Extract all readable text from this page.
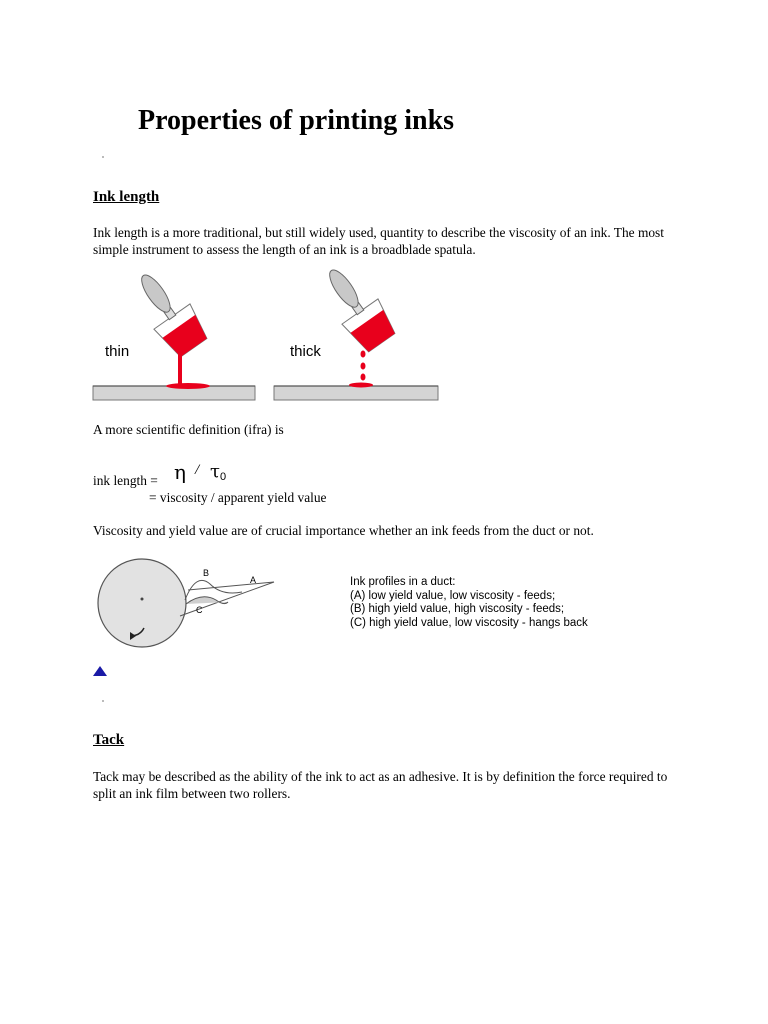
Properties of printing inks
Ink length
Ink length is a more traditional, but still widely used, quantity to describe the viscosity of an ink. The most simple instrument to assess the length of an ink is a broadblade spatula.
thin	thick
A more scientific definition (ifra) is
ink length = η / τ 0
= viscosity / apparent yield value
Viscosity and yield value are of crucial importance whether an ink feeds from the duct or not.
B
A
C
Ink profiles in a duct:
(A) low yield value, low viscosity - feeds;
(B) high yield value, high viscosity - feeds;
(C) high yield value, low viscosity - hangs back
Tack
Tack may be described as the ability of the ink to act as an adhesive. It is by definition the force required to split an ink film between two rollers.
